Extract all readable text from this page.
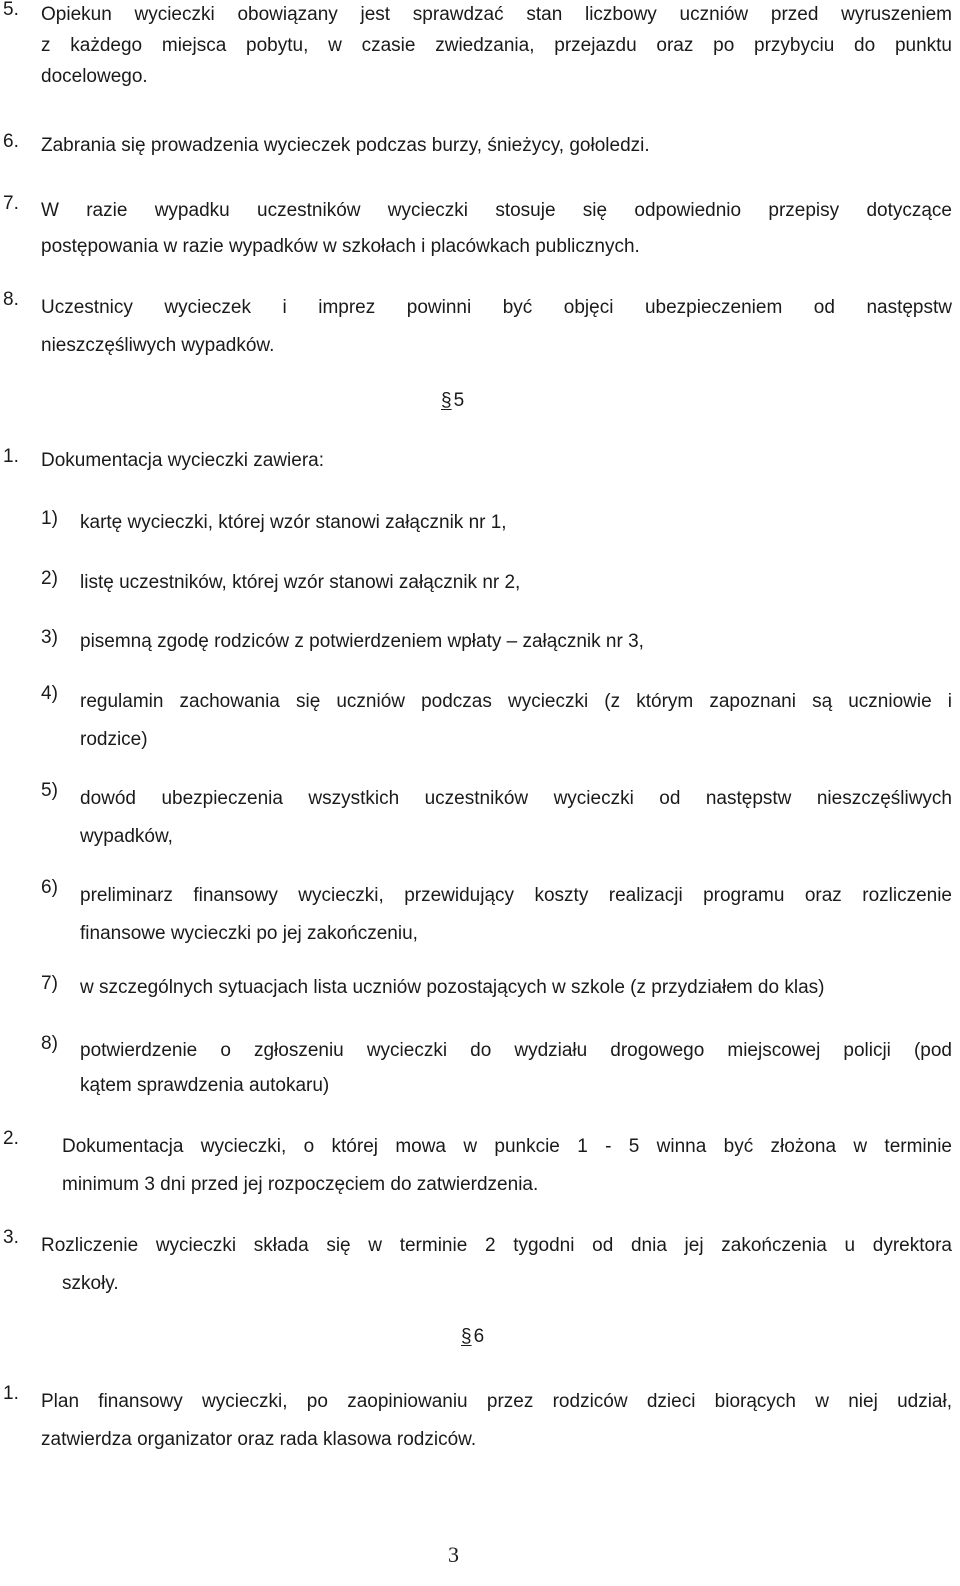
5. Opiekun wycieczki obowiązany jest sprawdzać stan liczbowy uczniów przed wyruszeniem
z każdego miejsca pobytu, w czasie zwiedzania, przejazdu oraz po przybyciu do punktu
docelowego.
6. Zabrania się prowadzenia wycieczek podczas burzy, śnieżycy, gołoledzi.
7. W razie wypadku uczestników wycieczki stosuje się odpowiednio przepisy dotyczące
postępowania w razie wypadków w szkołach i placówkach publicznych.
8. Uczestnicy wycieczek i imprez powinni być objęci ubezpieczeniem od następstw
nieszczęśliwych wypadków.
§ 5
1. Dokumentacja wycieczki zawiera:
1) kartę wycieczki, której wzór stanowi załącznik nr 1,
2) listę uczestników, której wzór stanowi załącznik nr 2,
3) pisemną zgodę rodziców z potwierdzeniem wpłaty – załącznik nr 3,
4) regulamin zachowania się uczniów podczas wycieczki (z którym zapoznani są uczniowie i
rodzice)
5) dowód ubezpieczenia wszystkich uczestników wycieczki od następstw nieszczęśliwych
wypadków,
6) preliminarz finansowy wycieczki, przewidujący koszty realizacji programu oraz rozliczenie
finansowe wycieczki po jej zakończeniu,
7) w szczególnych sytuacjach lista uczniów pozostających w szkole (z przydziałem do klas)
8) potwierdzenie o zgłoszeniu wycieczki do wydziału drogowego miejscowej policji (pod
kątem sprawdzenia autokaru)
2. Dokumentacja wycieczki, o której mowa w punkcie 1 - 5 winna być złożona w terminie
minimum 3 dni przed jej rozpoczęciem do zatwierdzenia.
3. Rozliczenie wycieczki składa się w terminie 2 tygodni od dnia jej zakończenia u dyrektora
szkoły.
§ 6
1. Plan finansowy wycieczki, po zaopiniowaniu przez rodziców dzieci biorących w niej udział,
zatwierdza organizator oraz rada klasowa rodziców.
3
